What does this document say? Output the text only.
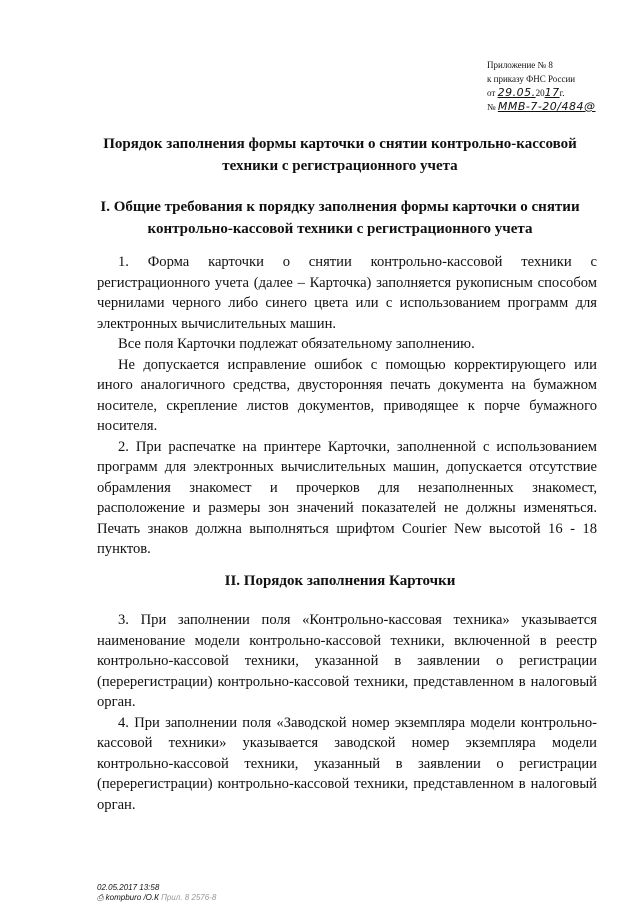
Приложение № 8
к приказу ФНС России
от 29.05.2017г.
№ ММВ-7-20/484@
Порядок заполнения формы карточки о снятии контрольно-кассовой техники с регистрационного учета
I. Общие требования к порядку заполнения формы карточки о снятии контрольно-кассовой техники с регистрационного учета

1. Форма карточки о снятии контрольно-кассовой техники с регистрационного учета (далее – Карточка) заполняется рукописным способом чернилами черного либо синего цвета или с использованием программ для электронных вычислительных машин.

Все поля Карточки подлежат обязательному заполнению.

Не допускается исправление ошибок с помощью корректирующего или иного аналогичного средства, двусторонняя печать документа на бумажном носителе, скрепление листов документов, приводящее к порче бумажного носителя.

2. При распечатке на принтере Карточки, заполненной с использованием программ для электронных вычислительных машин, допускается отсутствие обрамления знакомест и прочерков для незаполненных знакомест, расположение и размеры зон значений показателей не должны изменяться. Печать знаков должна выполняться шрифтом Courier New высотой 16 - 18 пунктов.

II. Порядок заполнения Карточки

3. При заполнении поля «Контрольно-кассовая техника» указывается наименование модели контрольно-кассовой техники, включенной в реестр контрольно-кассовой техники, указанной в заявлении о регистрации (перерегистрации) контрольно-кассовой техники, представленном в налоговый орган.

4. При заполнении поля «Заводской номер экземпляра модели контрольно-кассовой техники» указывается заводской номер экземпляра модели контрольно-кассовой техники, указанный в заявлении о регистрации (перерегистрации) контрольно-кассовой техники, представленном в налоговый орган.

02.05.2017 13:58
⎙ kompburo /О.К Прил. 8 2576-8
